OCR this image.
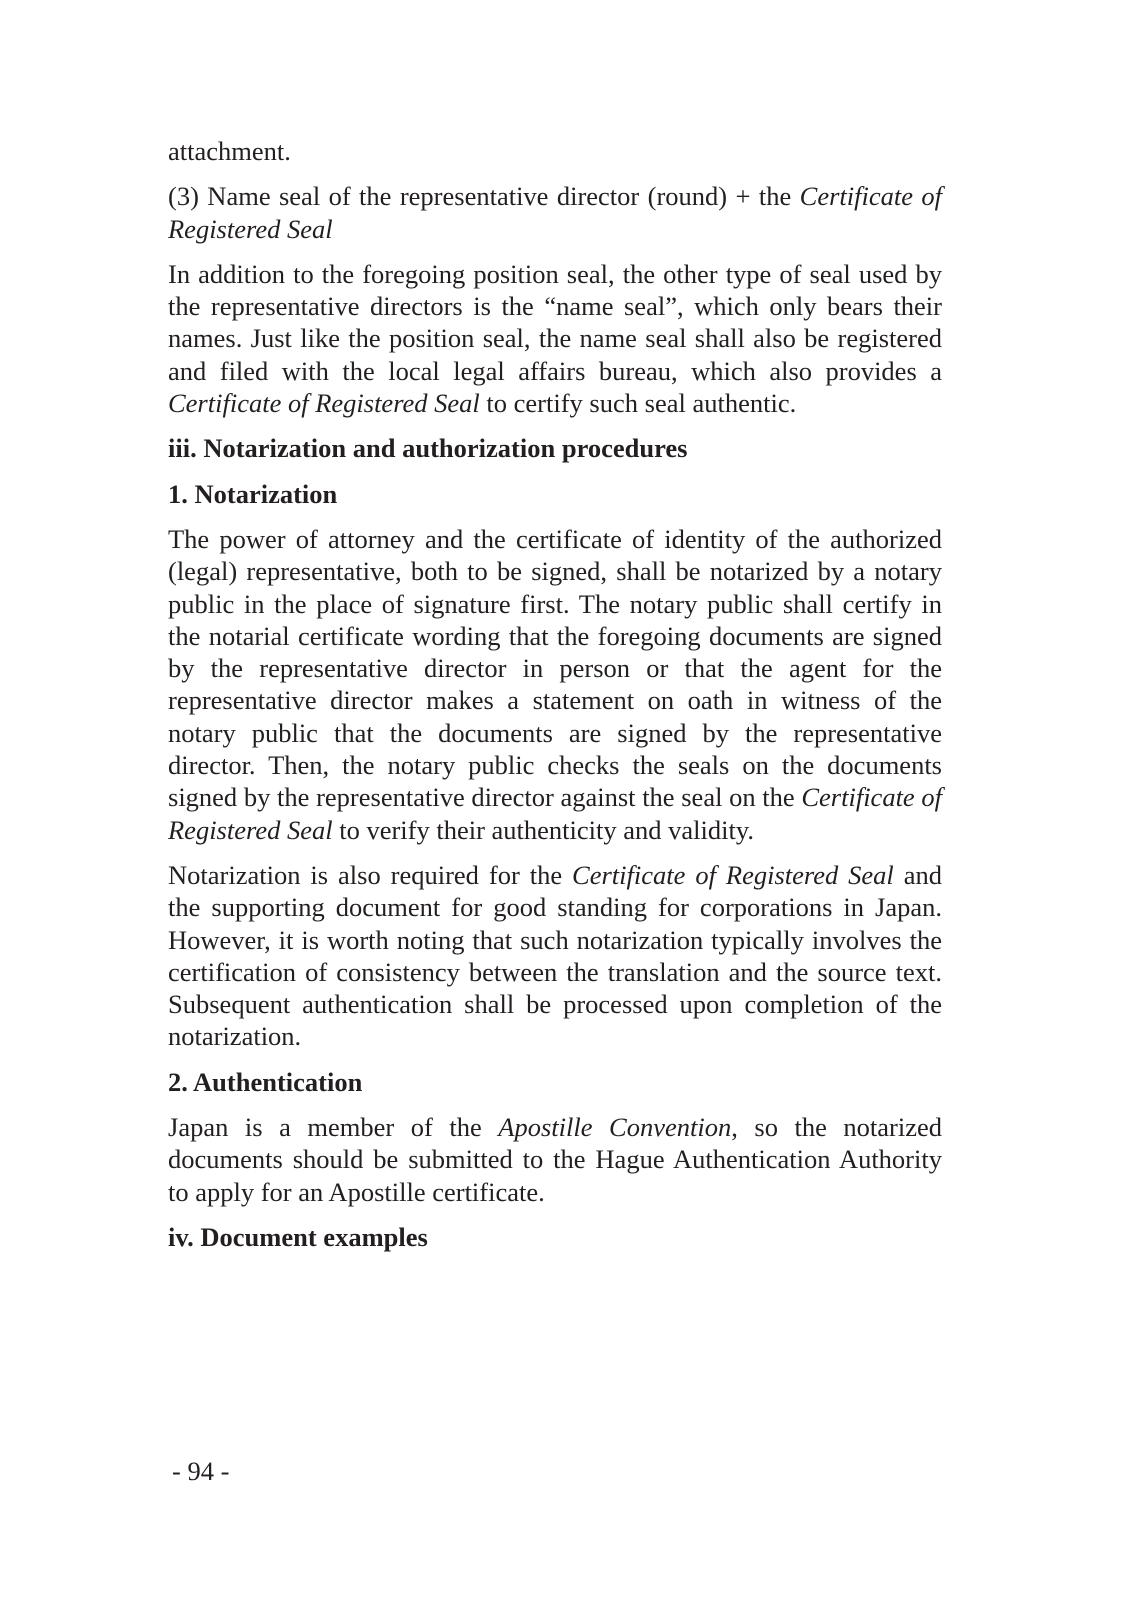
attachment.

(3) Name seal of the representative director (round) + the Certificate of Registered Seal

In addition to the foregoing position seal, the other type of seal used by the representative directors is the “name seal”, which only bears their names. Just like the position seal, the name seal shall also be registered and filed with the local legal affairs bureau, which also provides a Certificate of Registered Seal to certify such seal authentic.

iii. Notarization and authorization procedures

1. Notarization

The power of attorney and the certificate of identity of the authorized (legal) representative, both to be signed, shall be notarized by a notary public in the place of signature first. The notary public shall certify in the notarial certificate wording that the foregoing documents are signed by the representative director in person or that the agent for the representative director makes a statement on oath in witness of the notary public that the documents are signed by the representative director. Then, the notary public checks the seals on the documents signed by the representative director against the seal on the Certificate of Registered Seal to verify their authenticity and validity.

Notarization is also required for the Certificate of Registered Seal and the supporting document for good standing for corporations in Japan. However, it is worth noting that such notarization typically involves the certification of consistency between the translation and the source text. Subsequent authentication shall be processed upon completion of the notarization.

2. Authentication

Japan is a member of the Apostille Convention, so the notarized documents should be submitted to the Hague Authentication Authority to apply for an Apostille certificate.

iv. Document examples

- 94 -
